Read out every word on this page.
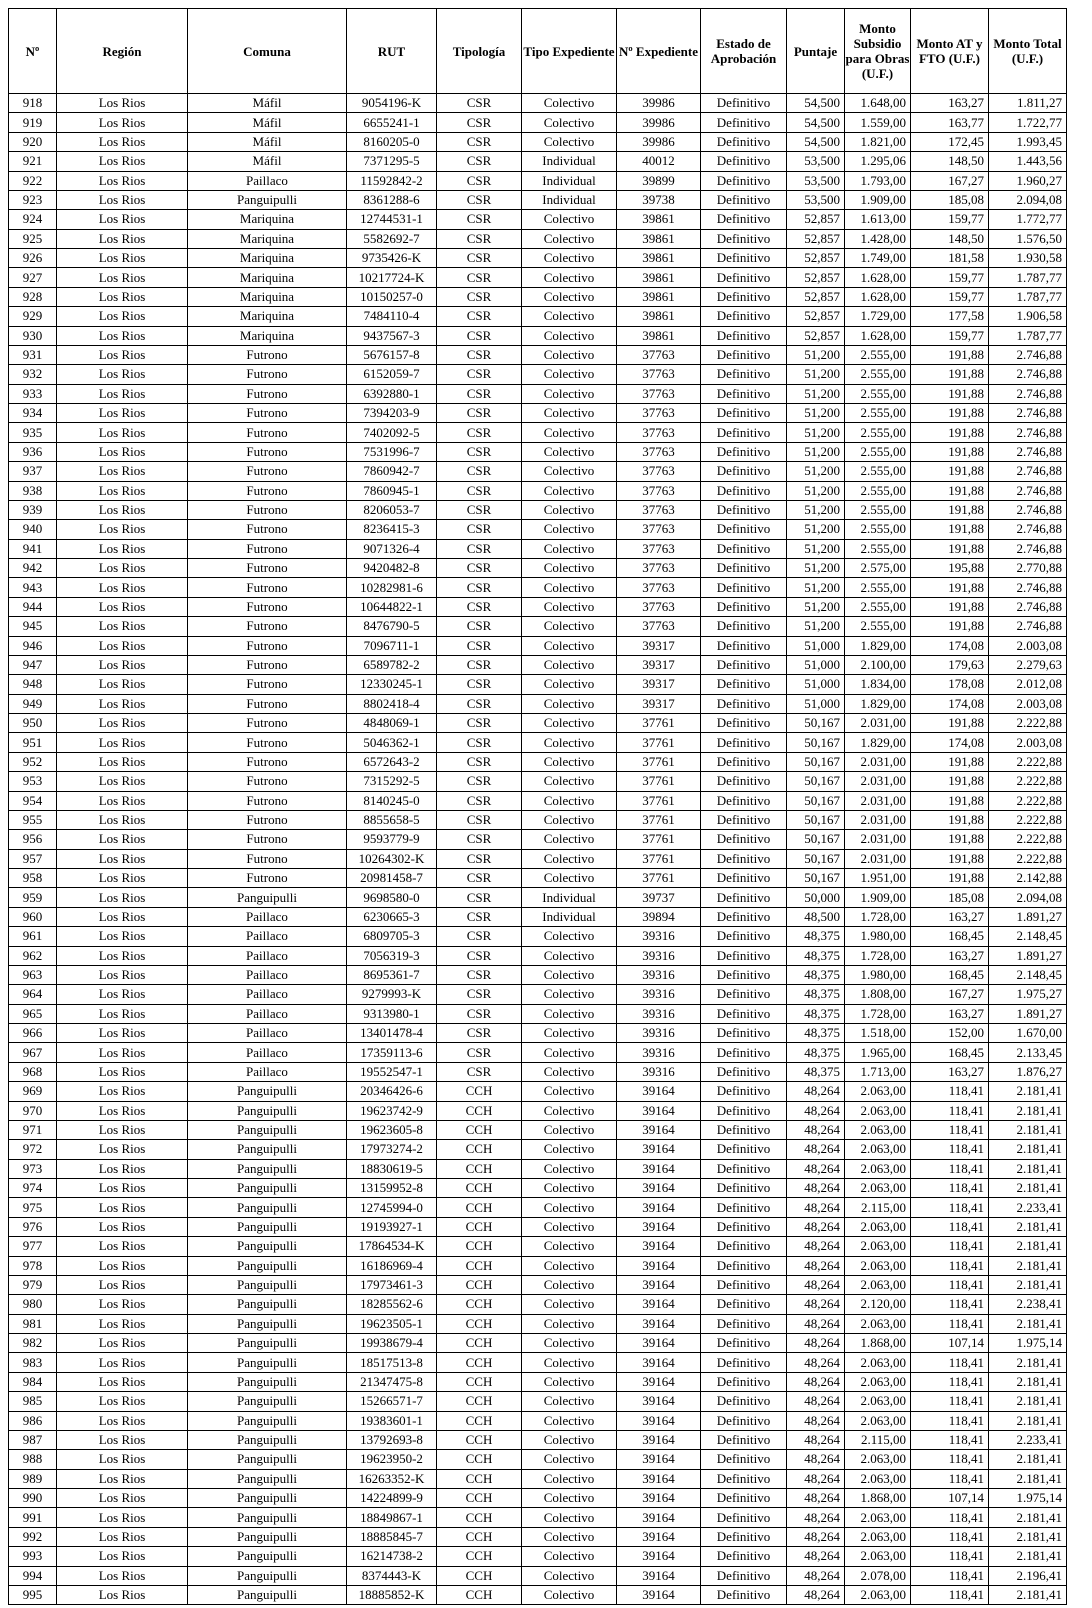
Nº	Región	Comuna	RUT	Tipología	Tipo Expediente	Nº Expediente	Estado de Aprobación	Puntaje	Monto Subsidio para Obras (U.F.)	Monto AT y FTO (U.F.)	Monto Total (U.F.)
918	Los Rios	Máfil	9054196-K	CSR	Colectivo	39986	Definitivo	54,500	1.648,00	163,27	1.811,27
919	Los Rios	Máfil	6655241-1	CSR	Colectivo	39986	Definitivo	54,500	1.559,00	163,77	1.722,77
920	Los Rios	Máfil	8160205-0	CSR	Colectivo	39986	Definitivo	54,500	1.821,00	172,45	1.993,45
921	Los Rios	Máfil	7371295-5	CSR	Individual	40012	Definitivo	53,500	1.295,06	148,50	1.443,56
922	Los Rios	Paillaco	11592842-2	CSR	Individual	39899	Definitivo	53,500	1.793,00	167,27	1.960,27
923	Los Rios	Panguipulli	8361288-6	CSR	Individual	39738	Definitivo	53,500	1.909,00	185,08	2.094,08
924	Los Rios	Mariquina	12744531-1	CSR	Colectivo	39861	Definitivo	52,857	1.613,00	159,77	1.772,77
925	Los Rios	Mariquina	5582692-7	CSR	Colectivo	39861	Definitivo	52,857	1.428,00	148,50	1.576,50
926	Los Rios	Mariquina	9735426-K	CSR	Colectivo	39861	Definitivo	52,857	1.749,00	181,58	1.930,58
927	Los Rios	Mariquina	10217724-K	CSR	Colectivo	39861	Definitivo	52,857	1.628,00	159,77	1.787,77
928	Los Rios	Mariquina	10150257-0	CSR	Colectivo	39861	Definitivo	52,857	1.628,00	159,77	1.787,77
929	Los Rios	Mariquina	7484110-4	CSR	Colectivo	39861	Definitivo	52,857	1.729,00	177,58	1.906,58
930	Los Rios	Mariquina	9437567-3	CSR	Colectivo	39861	Definitivo	52,857	1.628,00	159,77	1.787,77
931	Los Rios	Futrono	5676157-8	CSR	Colectivo	37763	Definitivo	51,200	2.555,00	191,88	2.746,88
932	Los Rios	Futrono	6152059-7	CSR	Colectivo	37763	Definitivo	51,200	2.555,00	191,88	2.746,88
933	Los Rios	Futrono	6392880-1	CSR	Colectivo	37763	Definitivo	51,200	2.555,00	191,88	2.746,88
934	Los Rios	Futrono	7394203-9	CSR	Colectivo	37763	Definitivo	51,200	2.555,00	191,88	2.746,88
935	Los Rios	Futrono	7402092-5	CSR	Colectivo	37763	Definitivo	51,200	2.555,00	191,88	2.746,88
936	Los Rios	Futrono	7531996-7	CSR	Colectivo	37763	Definitivo	51,200	2.555,00	191,88	2.746,88
937	Los Rios	Futrono	7860942-7	CSR	Colectivo	37763	Definitivo	51,200	2.555,00	191,88	2.746,88
938	Los Rios	Futrono	7860945-1	CSR	Colectivo	37763	Definitivo	51,200	2.555,00	191,88	2.746,88
939	Los Rios	Futrono	8206053-7	CSR	Colectivo	37763	Definitivo	51,200	2.555,00	191,88	2.746,88
940	Los Rios	Futrono	8236415-3	CSR	Colectivo	37763	Definitivo	51,200	2.555,00	191,88	2.746,88
941	Los Rios	Futrono	9071326-4	CSR	Colectivo	37763	Definitivo	51,200	2.555,00	191,88	2.746,88
942	Los Rios	Futrono	9420482-8	CSR	Colectivo	37763	Definitivo	51,200	2.575,00	195,88	2.770,88
943	Los Rios	Futrono	10282981-6	CSR	Colectivo	37763	Definitivo	51,200	2.555,00	191,88	2.746,88
944	Los Rios	Futrono	10644822-1	CSR	Colectivo	37763	Definitivo	51,200	2.555,00	191,88	2.746,88
945	Los Rios	Futrono	8476790-5	CSR	Colectivo	37763	Definitivo	51,200	2.555,00	191,88	2.746,88
946	Los Rios	Futrono	7096711-1	CSR	Colectivo	39317	Definitivo	51,000	1.829,00	174,08	2.003,08
947	Los Rios	Futrono	6589782-2	CSR	Colectivo	39317	Definitivo	51,000	2.100,00	179,63	2.279,63
948	Los Rios	Futrono	12330245-1	CSR	Colectivo	39317	Definitivo	51,000	1.834,00	178,08	2.012,08
949	Los Rios	Futrono	8802418-4	CSR	Colectivo	39317	Definitivo	51,000	1.829,00	174,08	2.003,08
950	Los Rios	Futrono	4848069-1	CSR	Colectivo	37761	Definitivo	50,167	2.031,00	191,88	2.222,88
951	Los Rios	Futrono	5046362-1	CSR	Colectivo	37761	Definitivo	50,167	1.829,00	174,08	2.003,08
952	Los Rios	Futrono	6572643-2	CSR	Colectivo	37761	Definitivo	50,167	2.031,00	191,88	2.222,88
953	Los Rios	Futrono	7315292-5	CSR	Colectivo	37761	Definitivo	50,167	2.031,00	191,88	2.222,88
954	Los Rios	Futrono	8140245-0	CSR	Colectivo	37761	Definitivo	50,167	2.031,00	191,88	2.222,88
955	Los Rios	Futrono	8855658-5	CSR	Colectivo	37761	Definitivo	50,167	2.031,00	191,88	2.222,88
956	Los Rios	Futrono	9593779-9	CSR	Colectivo	37761	Definitivo	50,167	2.031,00	191,88	2.222,88
957	Los Rios	Futrono	10264302-K	CSR	Colectivo	37761	Definitivo	50,167	2.031,00	191,88	2.222,88
958	Los Rios	Futrono	20981458-7	CSR	Colectivo	37761	Definitivo	50,167	1.951,00	191,88	2.142,88
959	Los Rios	Panguipulli	9698580-0	CSR	Individual	39737	Definitivo	50,000	1.909,00	185,08	2.094,08
960	Los Rios	Paillaco	6230665-3	CSR	Individual	39894	Definitivo	48,500	1.728,00	163,27	1.891,27
961	Los Rios	Paillaco	6809705-3	CSR	Colectivo	39316	Definitivo	48,375	1.980,00	168,45	2.148,45
962	Los Rios	Paillaco	7056319-3	CSR	Colectivo	39316	Definitivo	48,375	1.728,00	163,27	1.891,27
963	Los Rios	Paillaco	8695361-7	CSR	Colectivo	39316	Definitivo	48,375	1.980,00	168,45	2.148,45
964	Los Rios	Paillaco	9279993-K	CSR	Colectivo	39316	Definitivo	48,375	1.808,00	167,27	1.975,27
965	Los Rios	Paillaco	9313980-1	CSR	Colectivo	39316	Definitivo	48,375	1.728,00	163,27	1.891,27
966	Los Rios	Paillaco	13401478-4	CSR	Colectivo	39316	Definitivo	48,375	1.518,00	152,00	1.670,00
967	Los Rios	Paillaco	17359113-6	CSR	Colectivo	39316	Definitivo	48,375	1.965,00	168,45	2.133,45
968	Los Rios	Paillaco	19552547-1	CSR	Colectivo	39316	Definitivo	48,375	1.713,00	163,27	1.876,27
969	Los Rios	Panguipulli	20346426-6	CCH	Colectivo	39164	Definitivo	48,264	2.063,00	118,41	2.181,41
970	Los Rios	Panguipulli	19623742-9	CCH	Colectivo	39164	Definitivo	48,264	2.063,00	118,41	2.181,41
971	Los Rios	Panguipulli	19623605-8	CCH	Colectivo	39164	Definitivo	48,264	2.063,00	118,41	2.181,41
972	Los Rios	Panguipulli	17973274-2	CCH	Colectivo	39164	Definitivo	48,264	2.063,00	118,41	2.181,41
973	Los Rios	Panguipulli	18830619-5	CCH	Colectivo	39164	Definitivo	48,264	2.063,00	118,41	2.181,41
974	Los Rios	Panguipulli	13159952-8	CCH	Colectivo	39164	Definitivo	48,264	2.063,00	118,41	2.181,41
975	Los Rios	Panguipulli	12745994-0	CCH	Colectivo	39164	Definitivo	48,264	2.115,00	118,41	2.233,41
976	Los Rios	Panguipulli	19193927-1	CCH	Colectivo	39164	Definitivo	48,264	2.063,00	118,41	2.181,41
977	Los Rios	Panguipulli	17864534-K	CCH	Colectivo	39164	Definitivo	48,264	2.063,00	118,41	2.181,41
978	Los Rios	Panguipulli	16186969-4	CCH	Colectivo	39164	Definitivo	48,264	2.063,00	118,41	2.181,41
979	Los Rios	Panguipulli	17973461-3	CCH	Colectivo	39164	Definitivo	48,264	2.063,00	118,41	2.181,41
980	Los Rios	Panguipulli	18285562-6	CCH	Colectivo	39164	Definitivo	48,264	2.120,00	118,41	2.238,41
981	Los Rios	Panguipulli	19623505-1	CCH	Colectivo	39164	Definitivo	48,264	2.063,00	118,41	2.181,41
982	Los Rios	Panguipulli	19938679-4	CCH	Colectivo	39164	Definitivo	48,264	1.868,00	107,14	1.975,14
983	Los Rios	Panguipulli	18517513-8	CCH	Colectivo	39164	Definitivo	48,264	2.063,00	118,41	2.181,41
984	Los Rios	Panguipulli	21347475-8	CCH	Colectivo	39164	Definitivo	48,264	2.063,00	118,41	2.181,41
985	Los Rios	Panguipulli	15266571-7	CCH	Colectivo	39164	Definitivo	48,264	2.063,00	118,41	2.181,41
986	Los Rios	Panguipulli	19383601-1	CCH	Colectivo	39164	Definitivo	48,264	2.063,00	118,41	2.181,41
987	Los Rios	Panguipulli	13792693-8	CCH	Colectivo	39164	Definitivo	48,264	2.115,00	118,41	2.233,41
988	Los Rios	Panguipulli	19623950-2	CCH	Colectivo	39164	Definitivo	48,264	2.063,00	118,41	2.181,41
989	Los Rios	Panguipulli	16263352-K	CCH	Colectivo	39164	Definitivo	48,264	2.063,00	118,41	2.181,41
990	Los Rios	Panguipulli	14224899-9	CCH	Colectivo	39164	Definitivo	48,264	1.868,00	107,14	1.975,14
991	Los Rios	Panguipulli	18849867-1	CCH	Colectivo	39164	Definitivo	48,264	2.063,00	118,41	2.181,41
992	Los Rios	Panguipulli	18885845-7	CCH	Colectivo	39164	Definitivo	48,264	2.063,00	118,41	2.181,41
993	Los Rios	Panguipulli	16214738-2	CCH	Colectivo	39164	Definitivo	48,264	2.063,00	118,41	2.181,41
994	Los Rios	Panguipulli	8374443-K	CCH	Colectivo	39164	Definitivo	48,264	2.078,00	118,41	2.196,41
995	Los Rios	Panguipulli	18885852-K	CCH	Colectivo	39164	Definitivo	48,264	2.063,00	118,41	2.181,41
